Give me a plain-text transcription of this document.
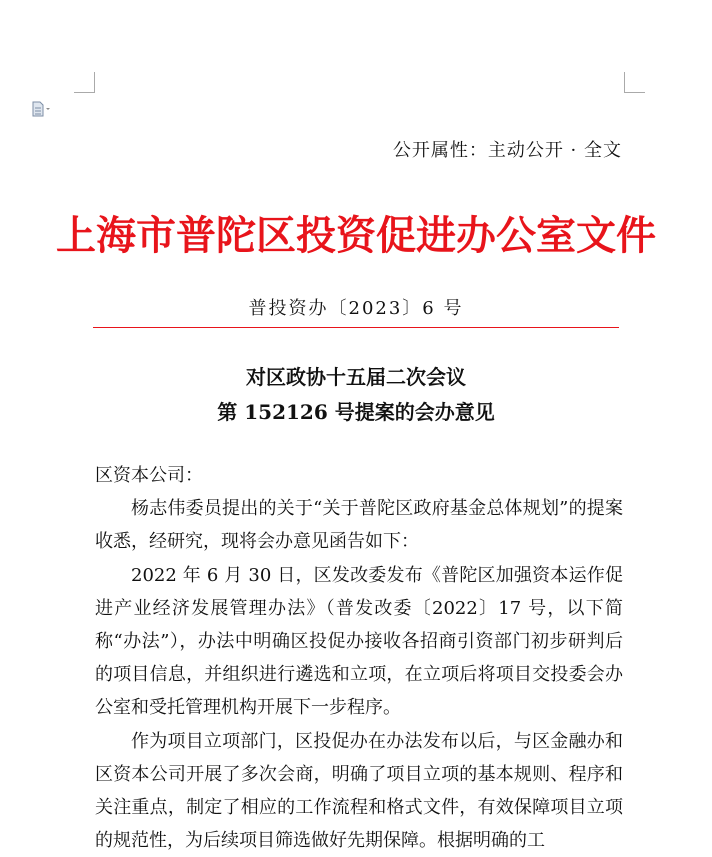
公开属性：主动公开 · 全文
上海市普陀区投资促进办公室文件
普投资办〔2023〕6 号
对区政协十五届二次会议
第 152126 号提案的会办意见

区资本公司：

杨志伟委员提出的关于“关于普陀区政府基金总体规划”的提案收悉，经研究，现将会办意见函告如下：

2022 年 6 月 30 日，区发改委发布《普陀区加强资本运作促进产业经济发展管理办法》（普发改委〔2022〕17 号，以下简称“办法”），办法中明确区投促办接收各招商引资部门初步研判后的项目信息，并组织进行遴选和立项，在立项后将项目交投委会办公室和受托管理机构开展下一步程序。

作为项目立项部门，区投促办在办法发布以后，与区金融办和区资本公司开展了多次会商，明确了项目立项的基本规则、程序和关注重点，制定了相应的工作流程和格式文件，有效保障项目立项的规范性，为后续项目筛选做好先期保障。根据明确的工
